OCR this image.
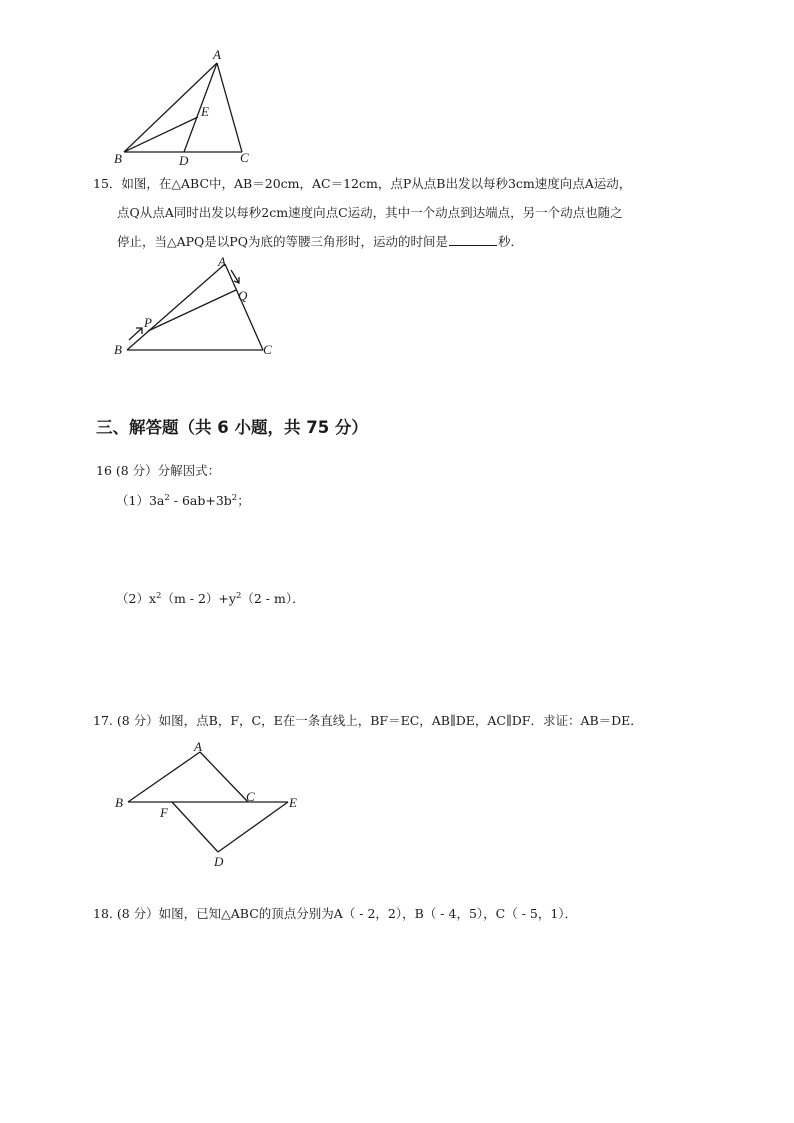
A
E
B	D	C
15．如图，在△ABC中，AB＝20cm，AC＝12cm，点P从点B出发以每秒3cm速度向点A运动，
点Q从点A同时出发以每秒2cm速度向点C运动，其中一个动点到达端点，另一个动点也随之
停止，当△APQ是以PQ为底的等腰三角形时，运动的时间是	秒．
A
Q
P
B	C
三、解答题（共 6 小题，共 75 分）
16 (8 分）分解因式：
$(1)3a^2 - 6ab+3b^2$；
$(2)x^2(m - 2)+y^2(2 - m)$．
17. (8 分）如图，点B，F，C，E在一条直线上，BF＝EC，AB∥DE，AC∥DF．求证：AB＝DE．
A
B
F
C	E
D
18. (8 分）如图，已知△ABC的顶点分别为A（ - 2，2），B（ - 4，5），C（ - 5，1）．
